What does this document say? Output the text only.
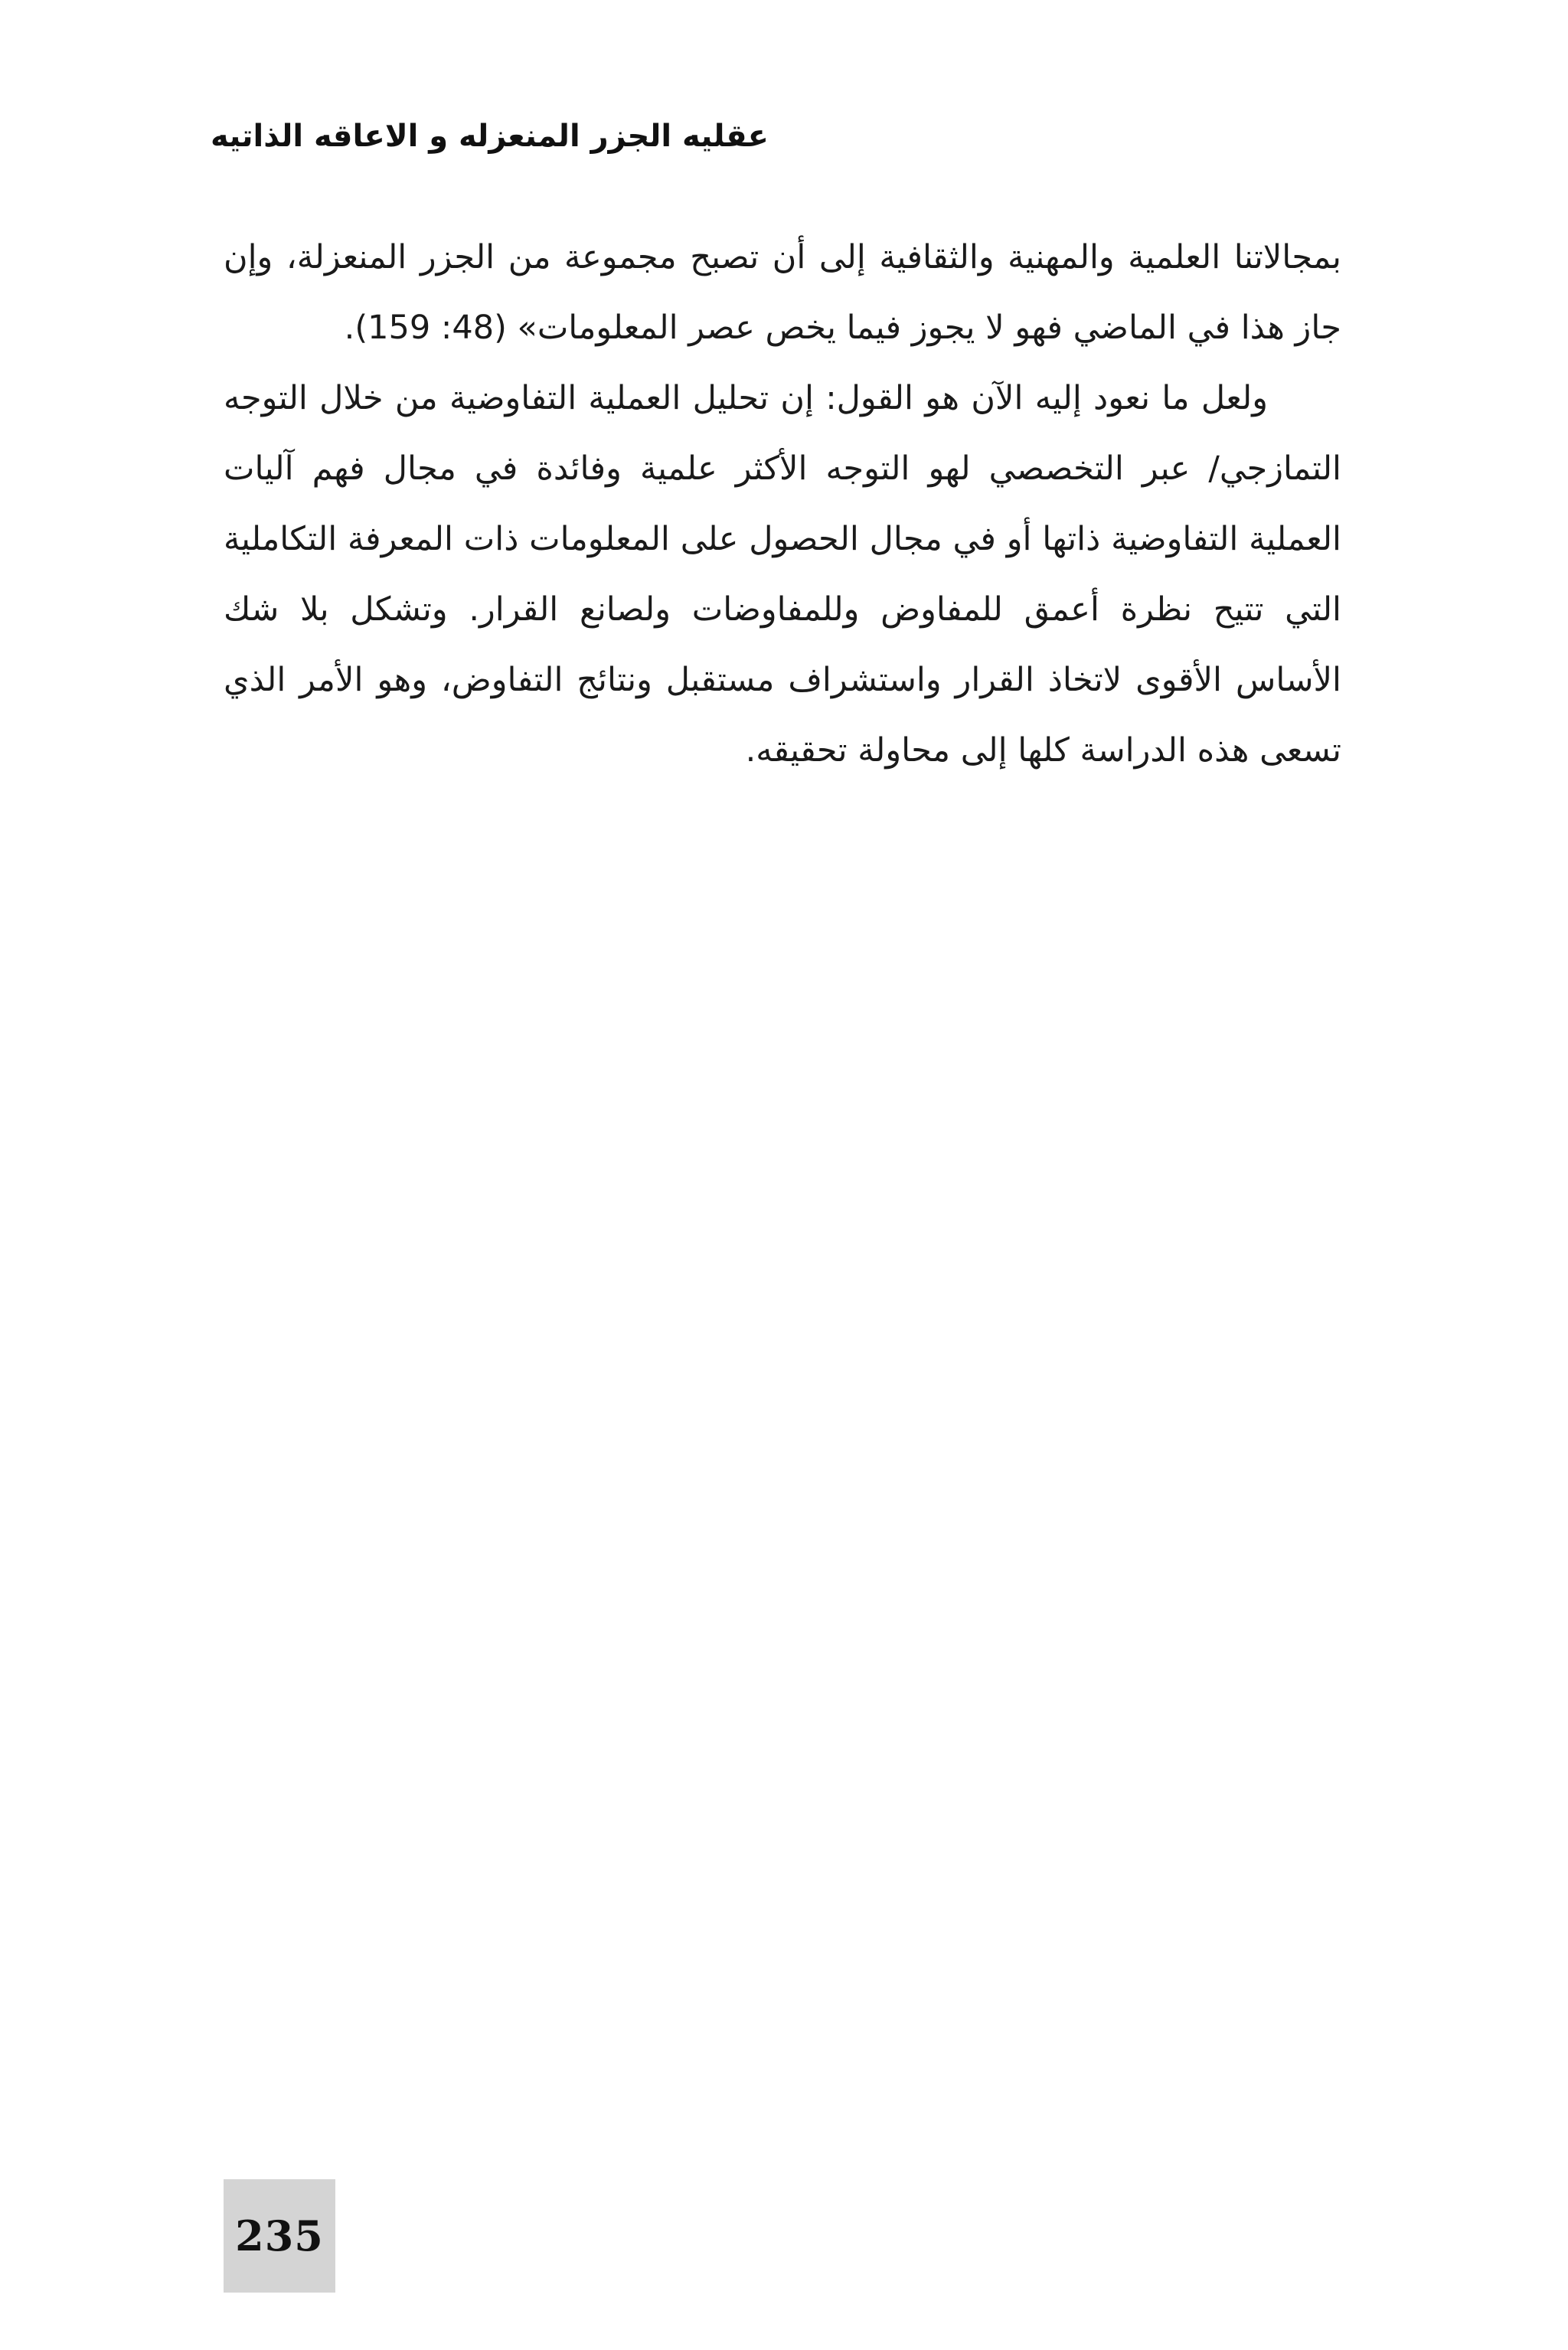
عقليه الجزر المنعزله و الاعاقه الذاتيه

بمجالاتنا العلمية والمهنية والثقافية إلى أن تصبح مجموعة من الجزر المنعزلة، وإن جاز هذا في الماضي فهو لا يجوز فيما يخص عصر المعلومات» (48: 159).

ولعل ما نعود إليه الآن هو القول: إن تحليل العملية التفاوضية من خلال التوجه التمازجي/ عبر التخصصي لهو التوجه الأكثر علمية وفائدة في مجال فهم آليات العملية التفاوضية ذاتها أو في مجال الحصول على المعلومات ذات المعرفة التكاملية التي تتيح نظرة أعمق للمفاوض وللمفاوضات ولصانع القرار. وتشكل بلا شك الأساس الأقوى لاتخاذ القرار واستشراف مستقبل ونتائج التفاوض، وهو الأمر الذي تسعى هذه الدراسة كلها إلى محاولة تحقيقه.

235
